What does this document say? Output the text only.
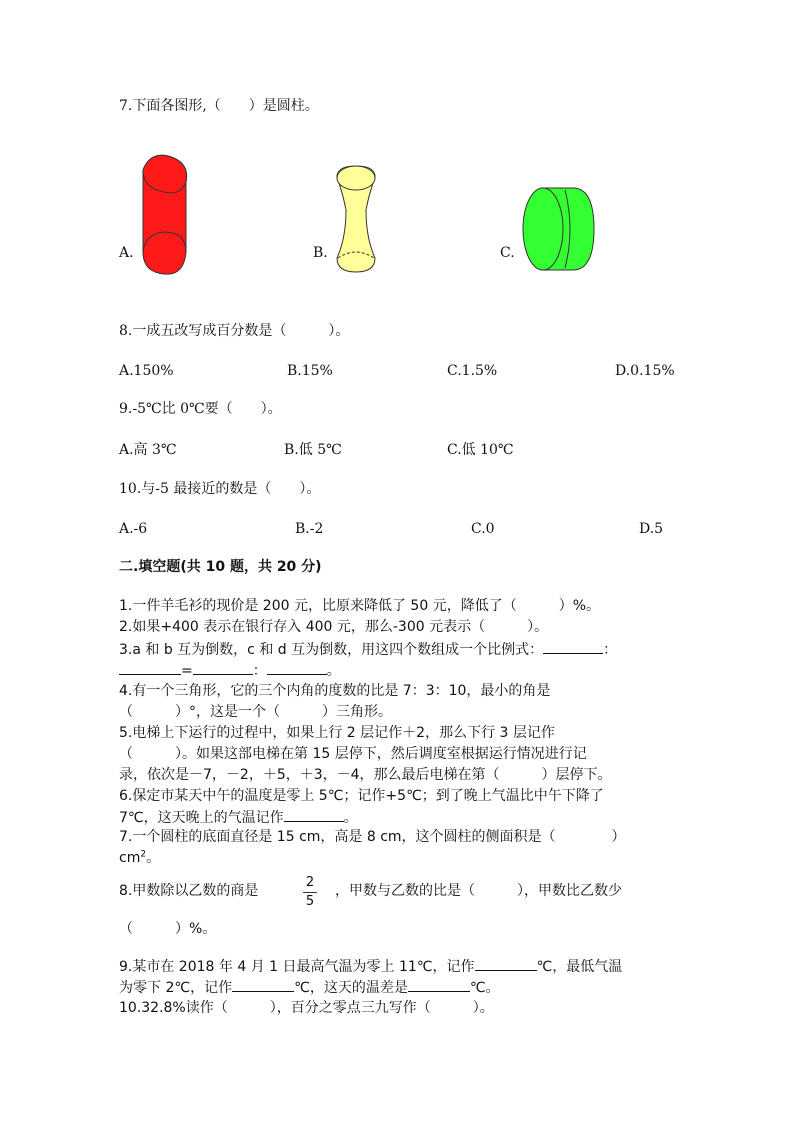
7.下面各图形,（　　）是圆柱。
A.	B.	C.
8.一成五改写成百分数是（　　　）。
A.150%	B.15%	C.1.5%	D.0.15%
9.-5℃比 0℃要（　　）。
A.高 3℃	B.低 5℃	C.低 10℃
10.与-5 最接近的数是（　　）。
A.-6	B.-2	C.0	D.5
二.填空题(共 10 题，共 20 分)
1.一件羊毛衫的现价是 200 元，比原来降低了 50 元，降低了（　　　）%。
2.如果+400 表示在银行存入 400 元，那么-300 元表示（　　　）。
3.a 和 b 互为倒数，c 和 d 互为倒数，用这四个数组成一个比例式：	：
=	：	。
4.有一个三角形，它的三个内角的度数的比是 7：3：10，最小的角是
（　　　）°，这是一个（　　　）三角形。
5.电梯上下运行的过程中，如果上行 2 层记作＋2，那么下行 3 层记作
（　　　）。如果这部电梯在第 15 层停下，然后调度室根据运行情况进行记
录，依次是－7，－2，＋5，＋3，－4，那么最后电梯在第（　　　）层停下。
6.保定市某天中午的温度是零上 5℃；记作+5℃；到了晚上气温比中午下降了
7℃，这天晚上的气温记作	。
7.一个圆柱的底面直径是 15 cm，高是 8 cm，这个圆柱的侧面积是（　　　　）
$cm^2$。
8.甲数除以乙数的商是
2
5
，甲数与乙数的比是（　　　），甲数比乙数少
（　　　）%。
9.某市在 2018 年 4 月 1 日最高气温为零上 11℃，记作	℃，最低气温
为零下 2℃，记作	℃，这天的温差是	℃。
10.32.8%读作（　　　），百分之零点三九写作（　　　）。
